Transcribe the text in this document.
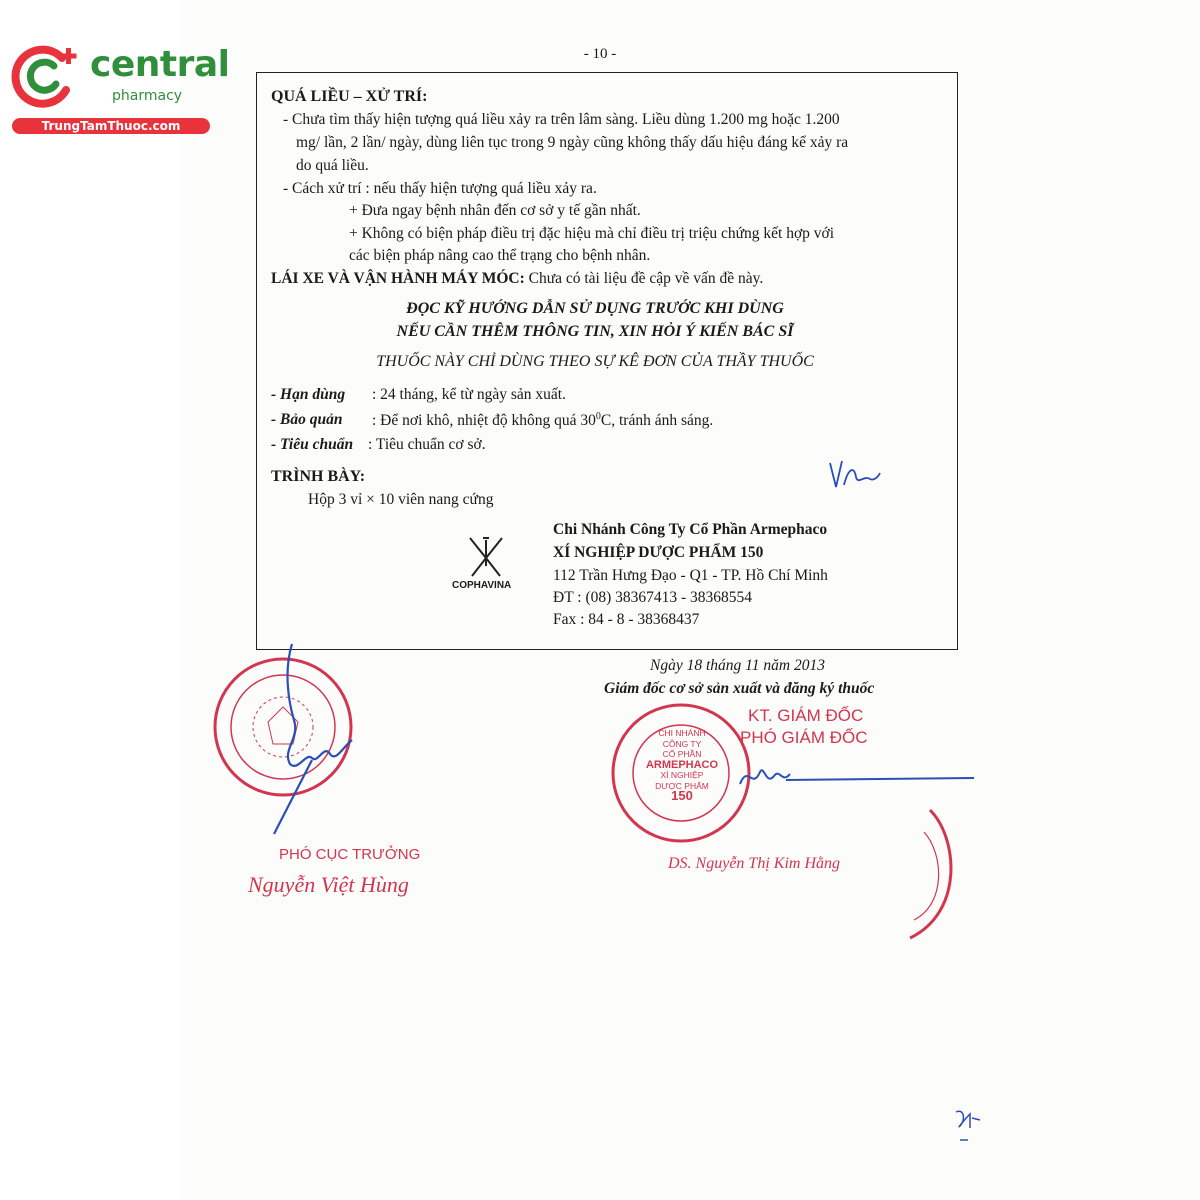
central
pharmacy
TrungTamThuoc.com
- 10 -
QUÁ LIỀU – XỬ TRÍ:
- Chưa tìm thấy hiện tượng quá liều xảy ra trên lâm sàng. Liều dùng 1.200 mg hoặc 1.200
mg/ lần, 2 lần/ ngày, dùng liên tục trong 9 ngày cũng không thấy dấu hiệu đáng kể xảy ra
do quá liều.
- Cách xử trí : nếu thấy hiện tượng quá liều xảy ra.
+ Đưa ngay bệnh nhân đến cơ sở y tế gần nhất.
+ Không có biện pháp điều trị đặc hiệu mà chỉ điều trị triệu chứng kết hợp với
các biện pháp nâng cao thể trạng cho bệnh nhân.
LÁI XE VÀ VẬN HÀNH MÁY MÓC: Chưa có tài liệu đề cập về vấn đề này.
ĐỌC KỸ HƯỚNG DẪN SỬ DỤNG TRƯỚC KHI DÙNG
NẾU CẦN THÊM THÔNG TIN, XIN HỎI Ý KIẾN BÁC SĨ
THUỐC NÀY CHỈ DÙNG THEO SỰ KÊ ĐƠN CỦA THẦY THUỐC
- Hạn dùng : 24 tháng, kể từ ngày sản xuất.
- Bảo quản : Để nơi khô, nhiệt độ không quá $30^0C$, tránh ánh sáng.
- Tiêu chuẩn : Tiêu chuẩn cơ sở.
TRÌNH BÀY:
Hộp 3 vỉ × 10 viên nang cứng
COPHAVINA
Chi Nhánh Công Ty Cổ Phần Armephaco
XÍ NGHIỆP DƯỢC PHẨM 150
112 Trần Hưng Đạo - Q1 - TP. Hồ Chí Minh
ĐT : (08) 38367413 - 38368554
Fax : 84 - 8 - 38368437
Ngày 18 tháng 11 năm 2013
Giám đốc cơ sở sản xuất và đăng ký thuốc
PHÓ CỤC TRƯỞNG
Nguyễn Việt Hùng
CHI NHÁNH
CÔNG TY
CỔ PHẦN
ARMEPHACO
XÍ NGHIỆP
DƯỢC PHẨM
150
KT. GIÁM ĐỐC
PHÓ GIÁM ĐỐC
DS. Nguyễn Thị Kim Hằng
